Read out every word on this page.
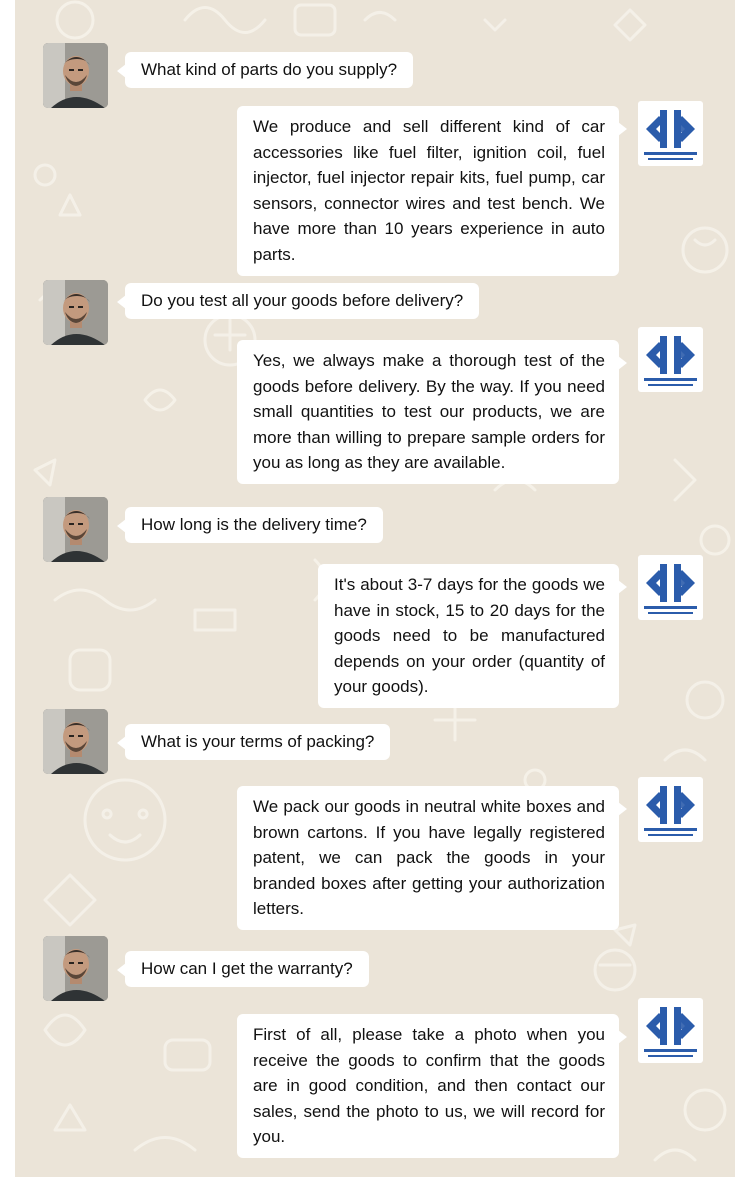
What kind of parts do you supply?
We produce and sell different kind of car accessories like fuel filter, ignition coil, fuel injector, fuel injector repair kits, fuel pump, car sensors, connector wires and test bench. We have more than 10 years experience in auto parts.
Do you test all your goods before delivery?
Yes, we always make a thorough test of the goods before delivery. By the way. If you need small quantities to test our products, we are more than willing to prepare sample orders for you as long as they are available.
How long is the delivery time?
It's about 3-7 days for the goods we have in stock, 15 to 20 days for the goods need to be manufactured depends on your order (quantity of your goods).
What is your terms of packing?
We pack our goods in neutral white boxes and brown cartons. If you have legally registered patent, we can pack the goods in your branded boxes after getting your authorization letters.
How can I get the warranty?
First of all, please take a photo when you receive the goods to confirm that the goods are in good condition, and then contact our sales, send the photo to us, we will record for you.
